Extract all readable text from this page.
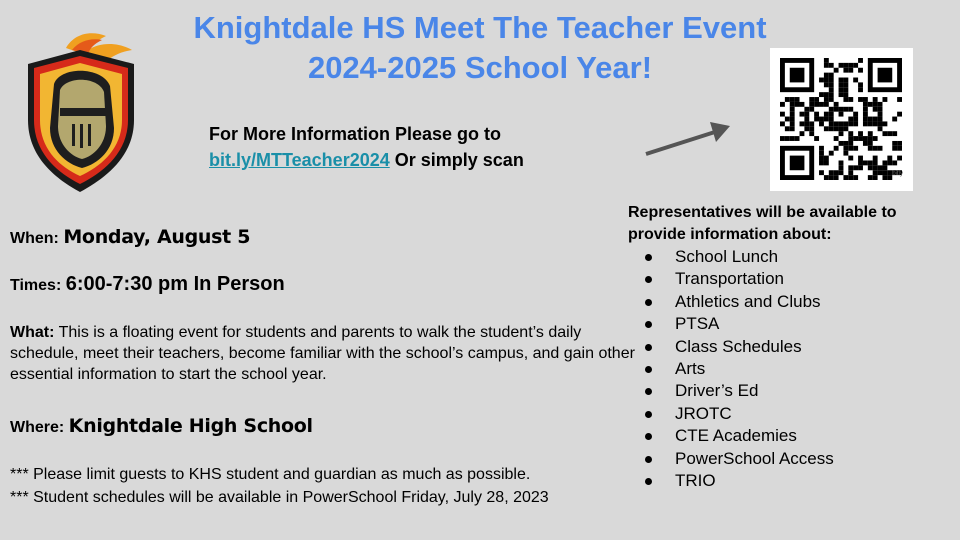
Knightdale HS Meet The Teacher Event
2024-2025 School Year!
For More Information Please go to
bit.ly/MTTeacher2024 Or simply scan
bitly
When: Monday, August 5
Times: 6:00-7:30 pm In Person
What: This is a floating event for students and parents to walk the student’s daily schedule, meet their teachers, become familiar with the school’s campus, and gain other essential information to start the school year.
Where: Knightdale High School
*** Please limit guests to KHS student and guardian as much as possible.
*** Student schedules will be available in PowerSchool Friday, July 28, 2023
Representatives will be available to provide information about:
School Lunch
Transportation
Athletics and Clubs
PTSA
Class Schedules
Arts
Driver’s Ed
JROTC
CTE Academies
PowerSchool Access
TRIO
